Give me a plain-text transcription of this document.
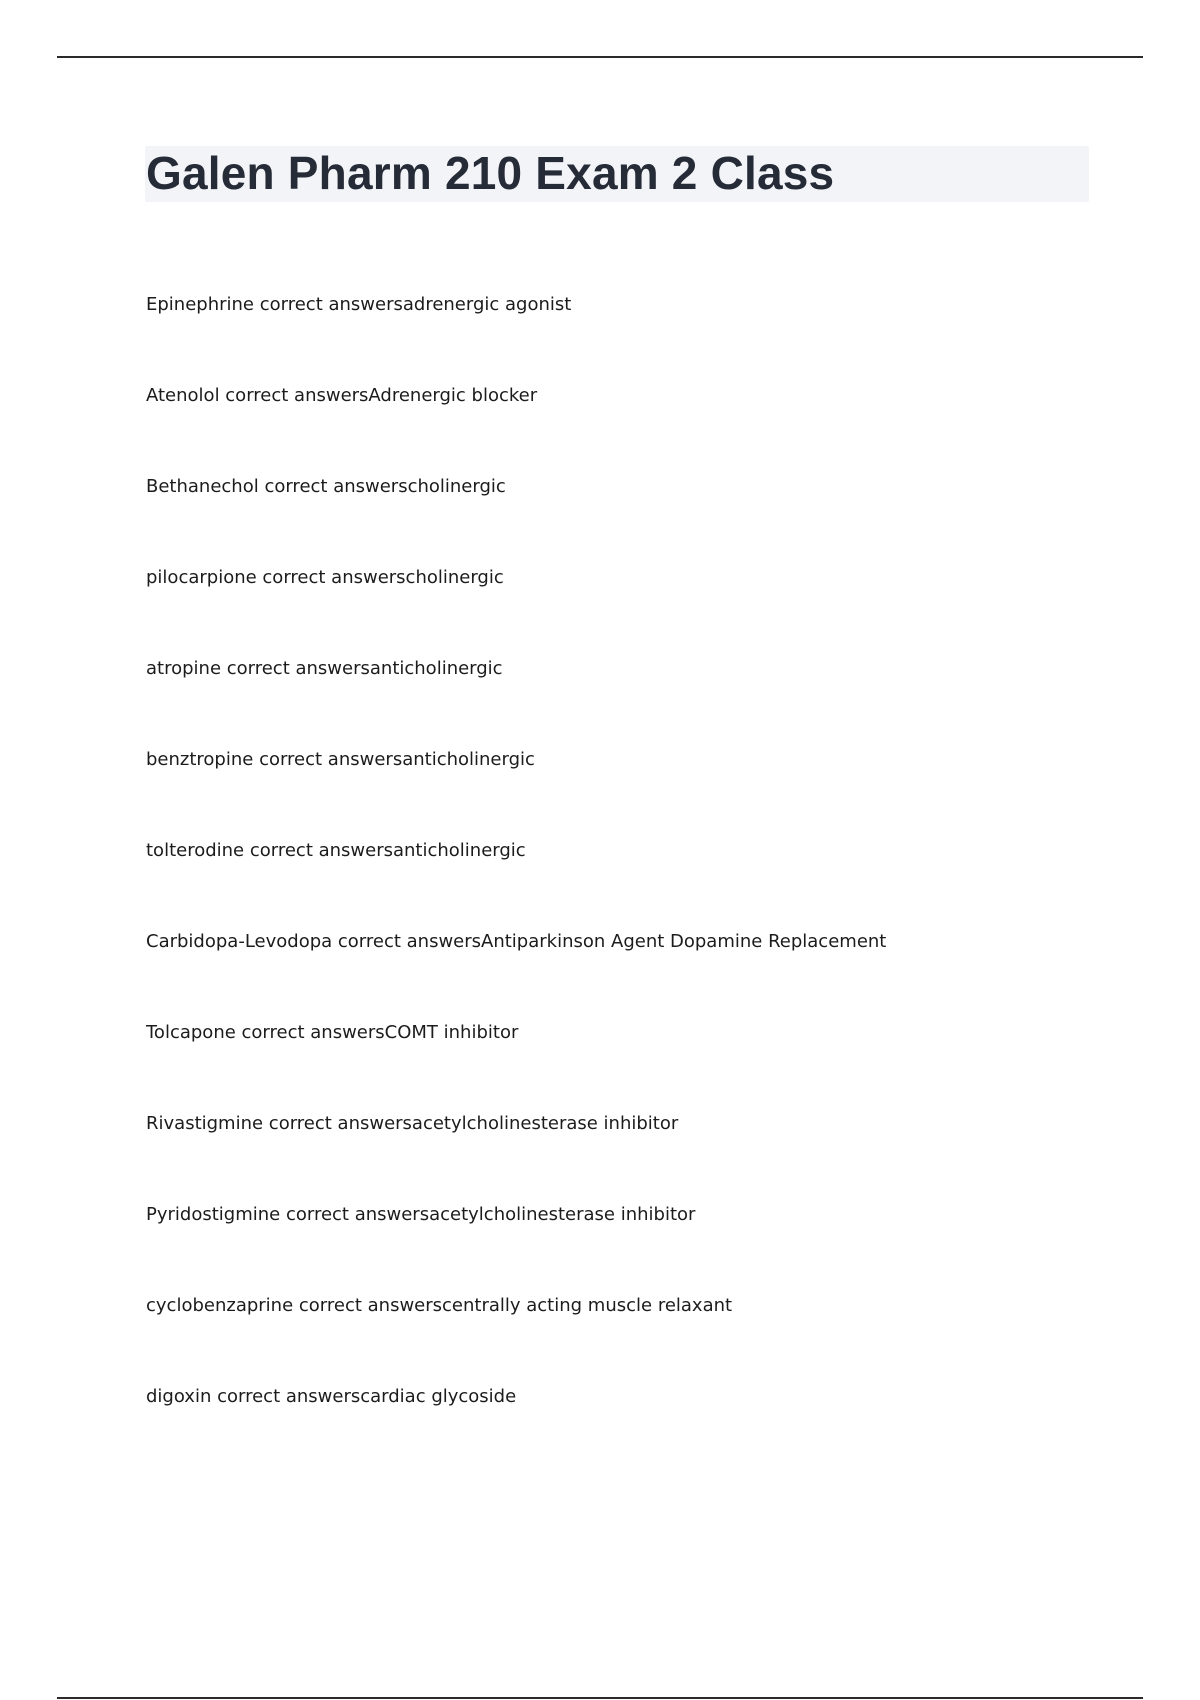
Galen Pharm 210 Exam 2 Class
Epinephrine correct answersadrenergic agonist
Atenolol correct answersAdrenergic blocker
Bethanechol correct answerscholinergic
pilocarpione correct answerscholinergic
atropine correct answersanticholinergic
benztropine correct answersanticholinergic
tolterodine correct answersanticholinergic
Carbidopa-Levodopa correct answersAntiparkinson Agent Dopamine Replacement
Tolcapone correct answersCOMT inhibitor
Rivastigmine correct answersacetylcholinesterase inhibitor
Pyridostigmine correct answersacetylcholinesterase inhibitor
cyclobenzaprine correct answerscentrally acting muscle relaxant
digoxin correct answerscardiac glycoside
